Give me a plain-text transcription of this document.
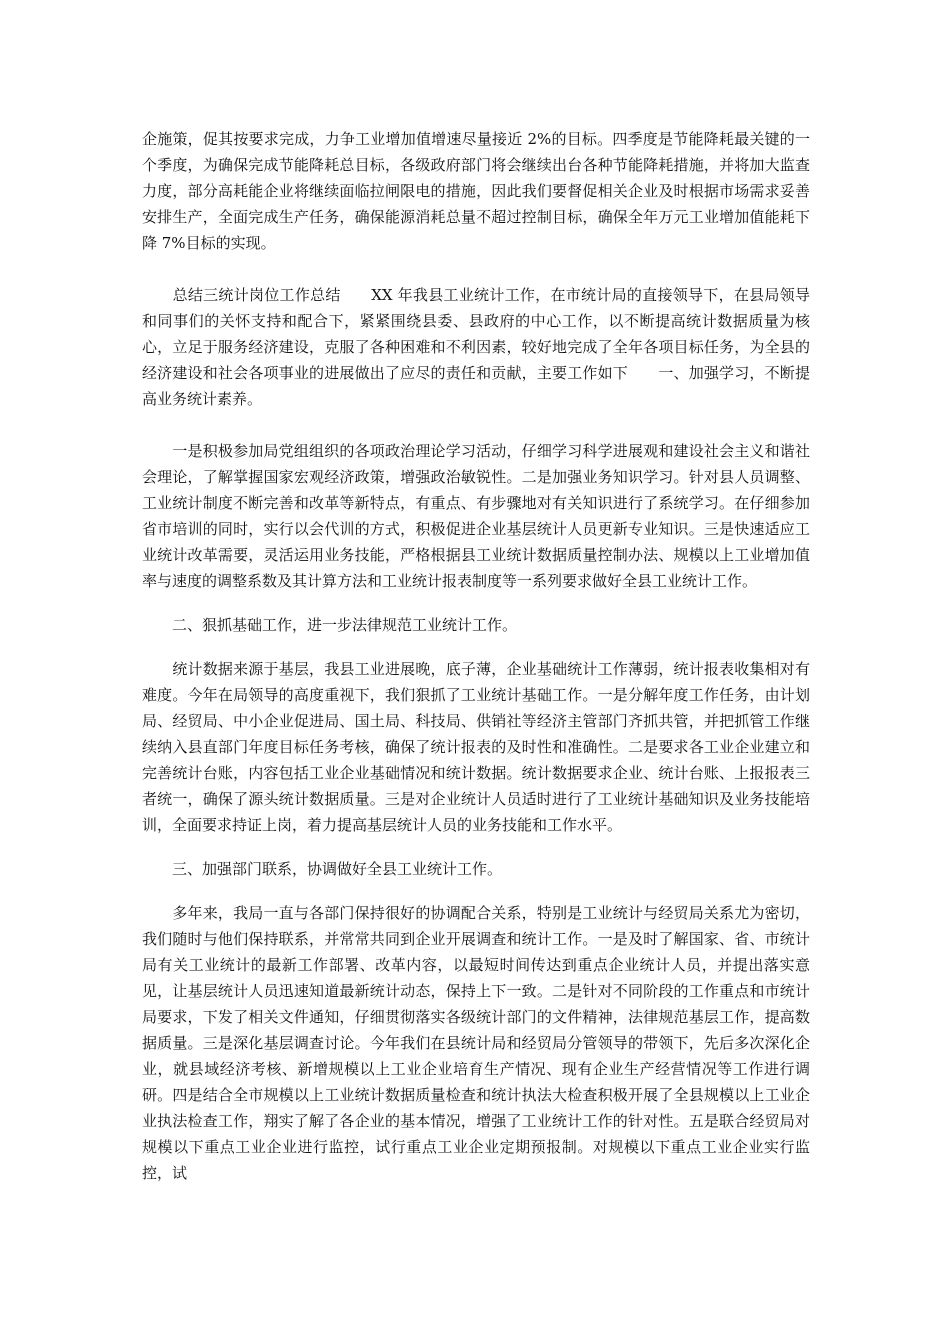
企施策，促其按要求完成，力争工业增加值增速尽量接近 2%的目标。四季度是节能降耗最关键的一个季度，为确保完成节能降耗总目标，各级政府部门将会继续出台各种节能降耗措施，并将加大监查力度，部分高耗能企业将继续面临拉闸限电的措施，因此我们要督促相关企业及时根据市场需求妥善安排生产，全面完成生产任务，确保能源消耗总量不超过控制目标，确保全年万元工业增加值能耗下降 7%目标的实现。

　　总结三统计岗位工作总结　　XX 年我县工业统计工作，在市统计局的直接领导下，在县局领导和同事们的关怀支持和配合下，紧紧围绕县委、县政府的中心工作，以不断提高统计数据质量为核心，立足于服务经济建设，克服了各种困难和不利因素，较好地完成了全年各项目标任务，为全县的经济建设和社会各项事业的进展做出了应尽的责任和贡献，主要工作如下　　一、加强学习，不断提高业务统计素养。

　　一是积极参加局党组组织的各项政治理论学习活动，仔细学习科学进展观和建设社会主义和谐社会理论，了解掌握国家宏观经济政策，增强政治敏锐性。二是加强业务知识学习。针对县人员调整、工业统计制度不断完善和改革等新特点，有重点、有步骤地对有关知识进行了系统学习。在仔细参加省市培训的同时，实行以会代训的方式，积极促进企业基层统计人员更新专业知识。三是快速适应工业统计改革需要，灵活运用业务技能，严格根据县工业统计数据质量控制办法、规模以上工业增加值率与速度的调整系数及其计算方法和工业统计报表制度等一系列要求做好全县工业统计工作。

　　二、狠抓基础工作，进一步法律规范工业统计工作。

　　统计数据来源于基层，我县工业进展晚，底子薄，企业基础统计工作薄弱，统计报表收集相对有难度。今年在局领导的高度重视下，我们狠抓了工业统计基础工作。一是分解年度工作任务，由计划局、经贸局、中小企业促进局、国土局、科技局、供销社等经济主管部门齐抓共管，并把抓管工作继续纳入县直部门年度目标任务考核，确保了统计报表的及时性和准确性。二是要求各工业企业建立和完善统计台账，内容包括工业企业基础情况和统计数据。统计数据要求企业、统计台账、上报报表三者统一，确保了源头统计数据质量。三是对企业统计人员适时进行了工业统计基础知识及业务技能培训，全面要求持证上岗，着力提高基层统计人员的业务技能和工作水平。

　　三、加强部门联系，协调做好全县工业统计工作。

　　多年来，我局一直与各部门保持很好的协调配合关系，特别是工业统计与经贸局关系尤为密切，我们随时与他们保持联系，并常常共同到企业开展调查和统计工作。一是及时了解国家、省、市统计局有关工业统计的最新工作部署、改革内容，以最短时间传达到重点企业统计人员，并提出落实意见，让基层统计人员迅速知道最新统计动态，保持上下一致。二是针对不同阶段的工作重点和市统计局要求，下发了相关文件通知，仔细贯彻落实各级统计部门的文件精神，法律规范基层工作，提高数据质量。三是深化基层调查讨论。今年我们在县统计局和经贸局分管领导的带领下，先后多次深化企业，就县域经济考核、新增规模以上工业企业培育生产情况、现有企业生产经营情况等工作进行调研。四是结合全市规模以上工业统计数据质量检查和统计执法大检查积极开展了全县规模以上工业企业执法检查工作，翔实了解了各企业的基本情况，增强了工业统计工作的针对性。五是联合经贸局对规模以下重点工业企业进行监控，试行重点工业企业定期预报制。对规模以下重点工业企业实行监控，试
